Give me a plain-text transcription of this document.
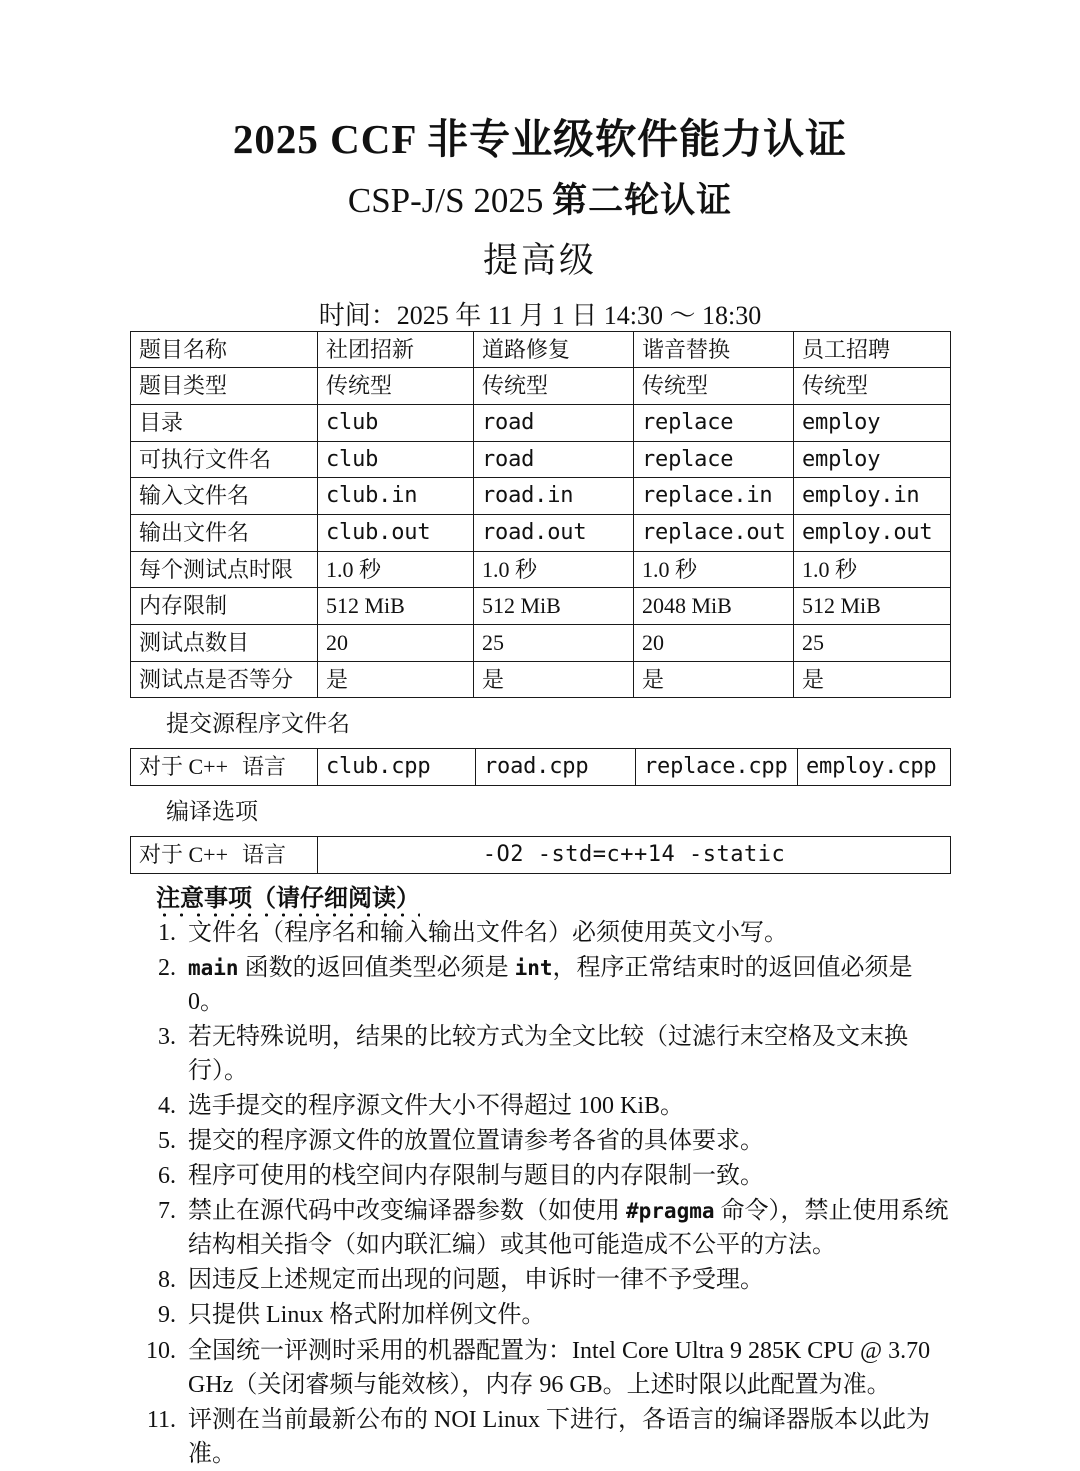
2025 CCF 非专业级软件能力认证
CSP-J/S 2025 第二轮认证
提高级
时间：2025 年 11 月 1 日 14:30 ～ 18:30
题目名称	社团招新	道路修复	谐音替换	员工招聘
题目类型	传统型	传统型	传统型	传统型
目录	club	road	replace	employ
可执行文件名	club	road	replace	employ
输入文件名	club.in	road.in	replace.in	employ.in
输出文件名	club.out	road.out	replace.out	employ.out
每个测试点时限	1.0 秒	1.0 秒	1.0 秒	1.0 秒
内存限制	512 MiB	512 MiB	2048 MiB	512 MiB
测试点数目	20	25	20	25
测试点是否等分	是	是	是	是
提交源程序文件名
对于 C++ 语言	club.cpp	road.cpp	replace.cpp	employ.cpp
编译选项
对于 C++ 语言	-O2 -std=c++14 -static
注意事项（请仔细阅读）
文件名（程序名和输入输出文件名）必须使用英文小写。
main 函数的返回值类型必须是 int，程序正常结束时的返回值必须是 0。
若无特殊说明，结果的比较方式为全文比较（过滤行末空格及文末换行）。
选手提交的程序源文件大小不得超过 100 KiB。
提交的程序源文件的放置位置请参考各省的具体要求。
程序可使用的栈空间内存限制与题目的内存限制一致。
禁止在源代码中改变编译器参数（如使用 #pragma 命令），禁止使用系统结构相关指令（如内联汇编）或其他可能造成不公平的方法。
因违反上述规定而出现的问题，申诉时一律不予受理。
只提供 Linux 格式附加样例文件。
全国统一评测时采用的机器配置为：Intel Core Ultra 9 285K CPU @ 3.70 GHz（关闭睿频与能效核），内存 96 GB。上述时限以此配置为准。
评测在当前最新公布的 NOI Linux 下进行，各语言的编译器版本以此为准。
